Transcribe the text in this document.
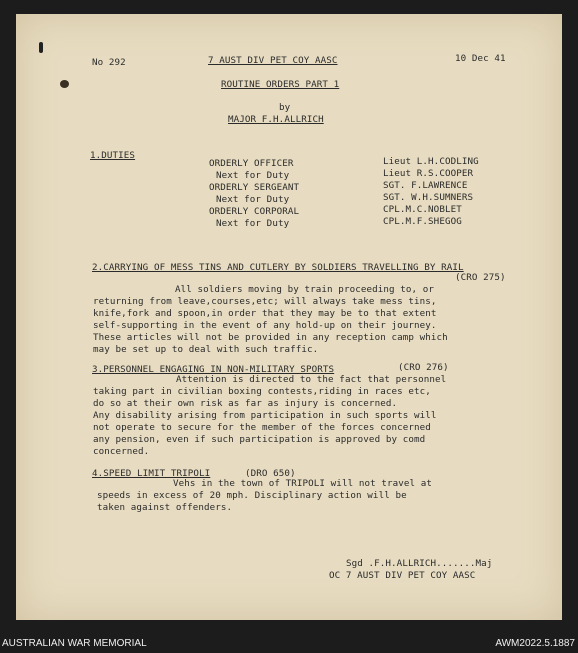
No 292	7 AUST DIV PET COY AASC	10 Dec 41
ROUTINE ORDERS PART 1
by
MAJOR F.H.ALLRICH
1.DUTIES
ORDERLY OFFICER	Lieut L.H.CODLING
Next for Duty	Lieut R.S.COOPER
ORDERLY SERGEANT	SGT. F.LAWRENCE
Next for Duty	SGT. W.H.SUMNERS
ORDERLY CORPORAL	CPL.M.C.NOBLET
Next for Duty	CPL.M.F.SHEGOG
2.CARRYING OF MESS TINS AND CUTLERY BY SOLDIERS TRAVELLING BY RAIL
(CRO 275)
All soldiers moving by train proceeding to, or
returning from leave,courses,etc; will always take mess tins,
knife,fork and spoon,in order that they may be to that extent
self-supporting in the event of any hold-up on their journey.
These articles will not be provided in any reception camp which
may be set up to deal with such traffic.
3.PERSONNEL ENGAGING IN NON-MILITARY SPORTS	(CRO 276)
Attention is directed to the fact that personnel
taking part in civilian boxing contests,riding in races etc,
do so at their own risk as far as injury is concerned.
Any disability arising from participation in such sports will
not operate to secure for the member of the forces concerned
any pension, even if such participation is approved by comd
concerned.
4.SPEED LIMIT TRIPOLI	(DRO 650)
Vehs in the town of TRIPOLI will not travel at
speeds in excess of 20 mph. Disciplinary action will be
taken against offenders.
Sgd .F.H.ALLRICH.......Maj
OC 7 AUST DIV PET COY AASC
AUSTRALIAN WAR MEMORIAL	AWM2022.5.1887
